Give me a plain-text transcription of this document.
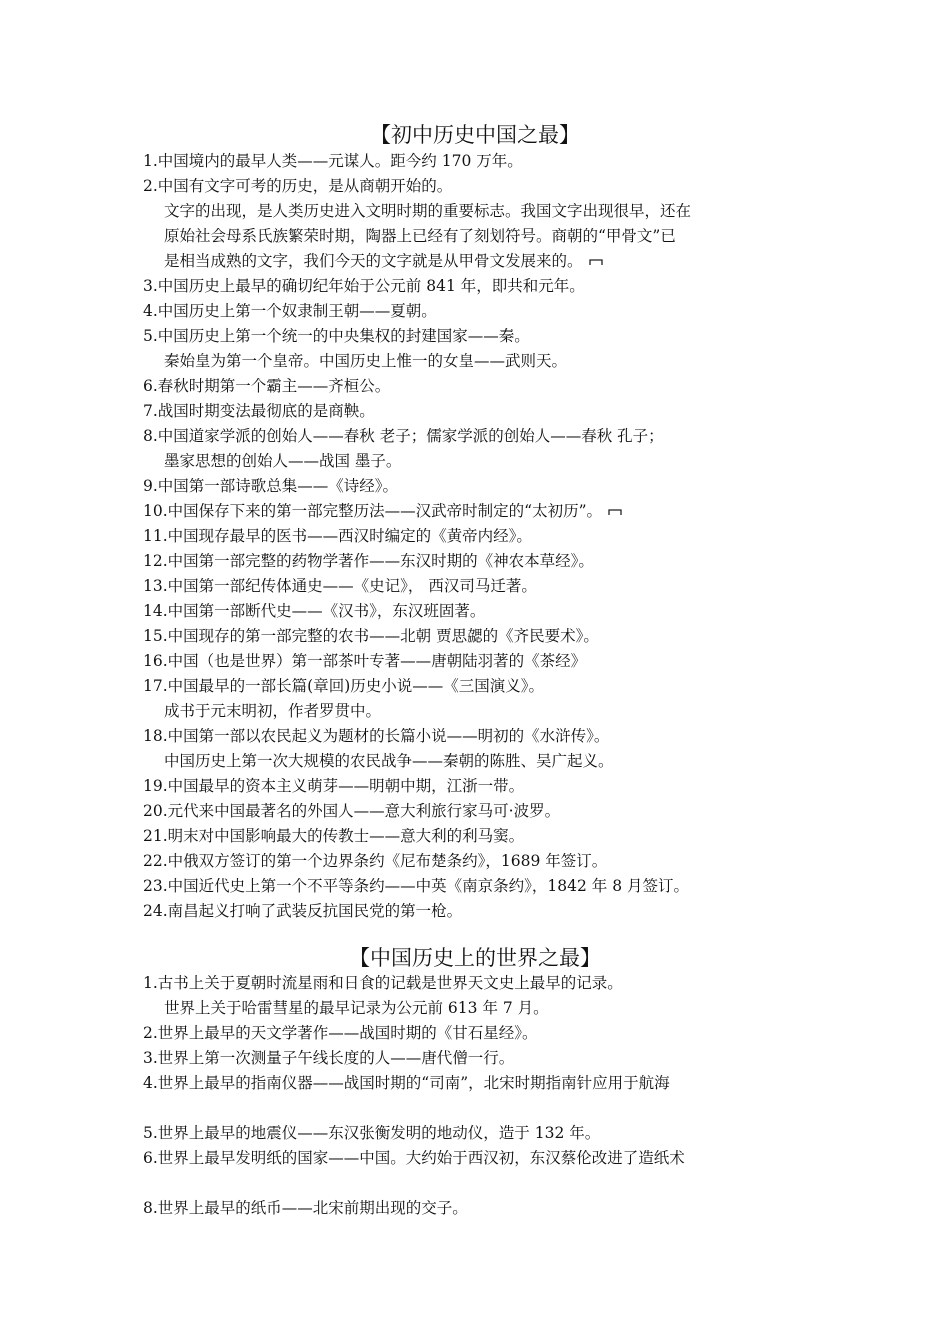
【初中历史中国之最】

1.中国境内的最早人类——元谋人。距今约 170 万年。

2.中国有文字可考的历史，是从商朝开始的。

文字的出现，是人类历史进入文明时期的重要标志。我国文字出现很早，还在

原始社会母系氏族繁荣时期，陶器上已经有了刻划符号。商朝的“甲骨文”已

是相当成熟的文字，我们今天的文字就是从甲骨文发展来的。

3.中国历史上最早的确切纪年始于公元前 841 年，即共和元年。

4.中国历史上第一个奴隶制王朝——夏朝。

5.中国历史上第一个统一的中央集权的封建国家——秦。

秦始皇为第一个皇帝。中国历史上惟一的女皇——武则天。

6.春秋时期第一个霸主——齐桓公。

7.战国时期变法最彻底的是商鞅。

8.中国道家学派的创始人——春秋 老子；儒家学派的创始人——春秋 孔子；

墨家思想的创始人——战国 墨子。

9.中国第一部诗歌总集——《诗经》。

10.中国保存下来的第一部完整历法——汉武帝时制定的“太初历”。

11.中国现存最早的医书——西汉时编定的《黄帝内经》。

12.中国第一部完整的药物学著作——东汉时期的《神农本草经》。

13.中国第一部纪传体通史——《史记》， 西汉司马迁著。

14.中国第一部断代史——《汉书》，东汉班固著。

15.中国现存的第一部完整的农书——北朝 贾思勰的《齐民要术》。

16.中国（也是世界）第一部茶叶专著——唐朝陆羽著的《茶经》

17.中国最早的一部长篇(章回)历史小说——《三国演义》。

成书于元末明初，作者罗贯中。

18.中国第一部以农民起义为题材的长篇小说——明初的《水浒传》。

中国历史上第一次大规模的农民战争——秦朝的陈胜、吴广起义。

19.中国最早的资本主义萌芽——明朝中期，江浙一带。

20.元代来中国最著名的外国人——意大利旅行家马可·波罗。

21.明末对中国影响最大的传教士——意大利的利马窦。

22.中俄双方签订的第一个边界条约《尼布楚条约》，1689 年签订。

23.中国近代史上第一个不平等条约——中英《南京条约》，1842 年 8 月签订。

24.南昌起义打响了武装反抗国民党的第一枪。

【中国历史上的世界之最】

1.古书上关于夏朝时流星雨和日食的记载是世界天文史上最早的记录。

世界上关于哈雷彗星的最早记录为公元前 613 年 7 月。

2.世界上最早的天文学著作——战国时期的《甘石星经》。

3.世界上第一次测量子午线长度的人——唐代僧一行。

4.世界上最早的指南仪器——战国时期的“司南”，北宋时期指南针应用于航海

5.世界上最早的地震仪——东汉张衡发明的地动仪，造于 132 年。

6.世界上最早发明纸的国家——中国。大约始于西汉初，东汉蔡伦改进了造纸术

8.世界上最早的纸币——北宋前期出现的交子。
